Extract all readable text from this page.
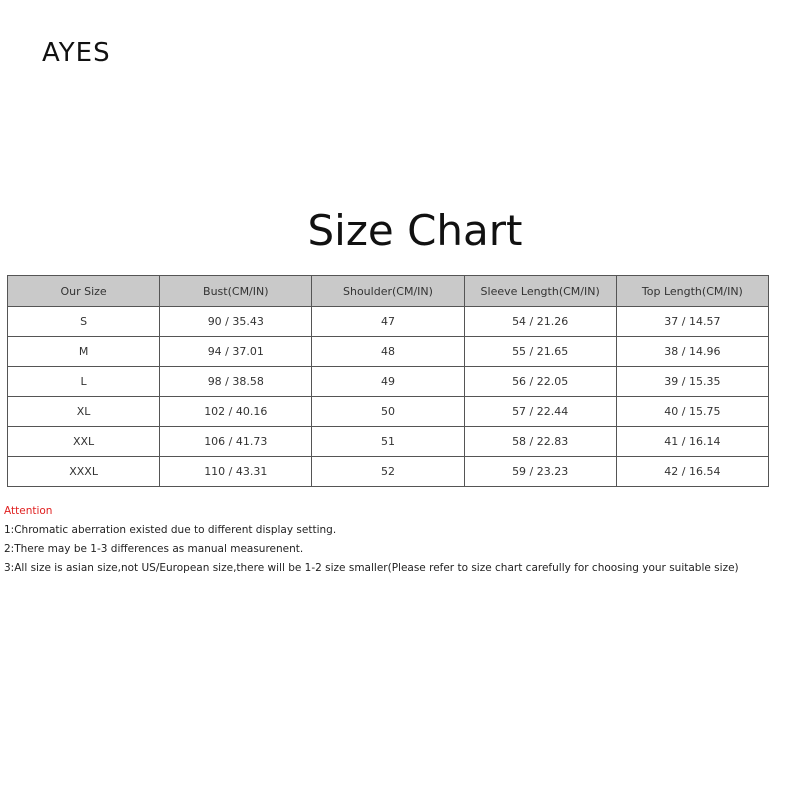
AYES
Size Chart
Our Size	Bust(CM/IN)	Shoulder(CM/IN)	Sleeve Length(CM/IN)	Top Length(CM/IN)
S	90 / 35.43	47	54 / 21.26	37 / 14.57
M	94 / 37.01	48	55 / 21.65	38 / 14.96
L	98 / 38.58	49	56 / 22.05	39 / 15.35
XL	102 / 40.16	50	57 / 22.44	40 / 15.75
XXL	106 / 41.73	51	58 / 22.83	41 / 16.14
XXXL	110 / 43.31	52	59 / 23.23	42 / 16.54
Attention
1:Chromatic aberration existed due to different display setting.
2:There may be 1-3 differences as manual measurenent.
3:All size is asian size,not US/European size,there will be 1-2 size smaller(Please refer to size chart carefully for choosing your suitable size)
